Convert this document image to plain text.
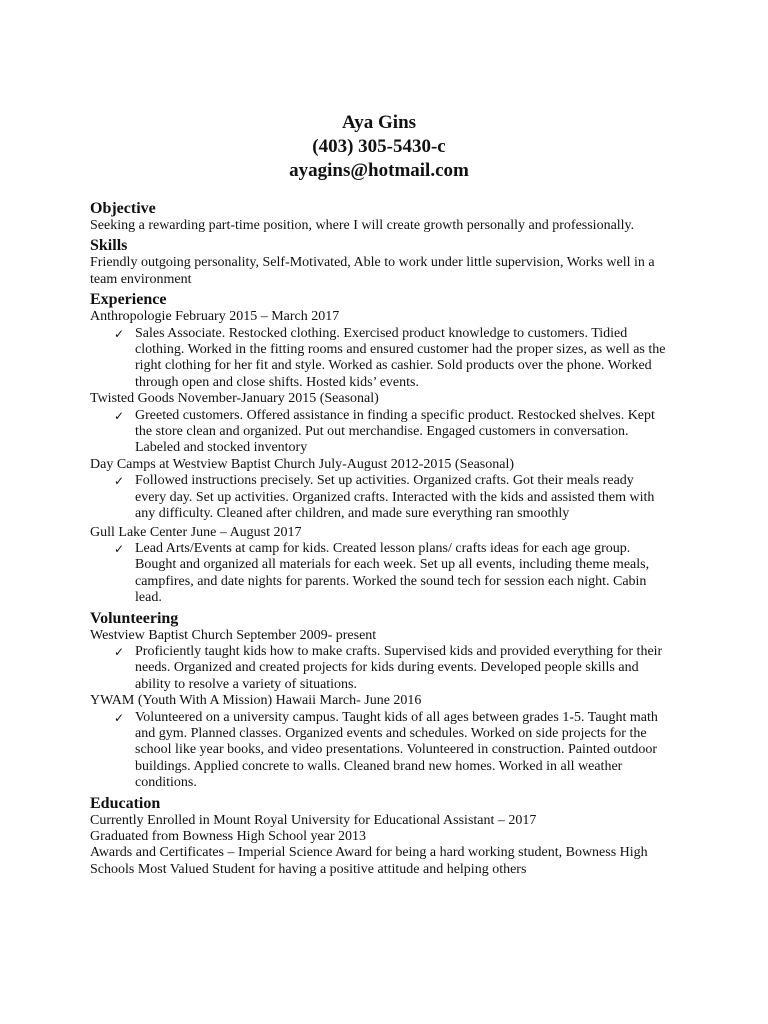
Aya Gins
(403) 305-5430-c
ayagins@hotmail.com
Objective

Seeking a rewarding part-time position, where I will create growth personally and professionally.

Skills

Friendly outgoing personality, Self-Motivated, Able to work under little supervision, Works well in a team environment

Experience
Anthropologie February 2015 – March 2017
✓ Sales Associate. Restocked clothing. Exercised product knowledge to customers. Tidied clothing. Worked in the fitting rooms and ensured customer had the proper sizes, as well as the right clothing for her fit and style. Worked as cashier. Sold products over the phone. Worked through open and close shifts. Hosted kids’ events.
Twisted Goods November-January 2015 (Seasonal)
✓ Greeted customers. Offered assistance in finding a specific product. Restocked shelves. Kept the store clean and organized. Put out merchandise. Engaged customers in conversation. Labeled and stocked inventory
Day Camps at Westview Baptist Church July-August 2012-2015 (Seasonal)
✓ Followed instructions precisely. Set up activities. Organized crafts. Got their meals ready every day. Set up activities. Organized crafts. Interacted with the kids and assisted them with any difficulty. Cleaned after children, and made sure everything ran smoothly
Gull Lake Center June – August 2017
✓ Lead Arts/Events at camp for kids. Created lesson plans/ crafts ideas for each age group. Bought and organized all materials for each week. Set up all events, including theme meals, campfires, and date nights for parents. Worked the sound tech for session each night. Cabin lead.
Volunteering
Westview Baptist Church September 2009- present
✓ Proficiently taught kids how to make crafts. Supervised kids and provided everything for their needs. Organized and created projects for kids during events. Developed people skills and ability to resolve a variety of situations.
YWAM (Youth With A Mission) Hawaii March- June 2016
✓ Volunteered on a university campus. Taught kids of all ages between grades 1-5. Taught math and gym. Planned classes. Organized events and schedules. Worked on side projects for the school like year books, and video presentations. Volunteered in construction. Painted outdoor buildings. Applied concrete to walls. Cleaned brand new homes. Worked in all weather conditions.
Education
Currently Enrolled in Mount Royal University for Educational Assistant – 2017
Graduated from Bowness High School year 2013
Awards and Certificates – Imperial Science Award for being a hard working student, Bowness High Schools Most Valued Student for having a positive attitude and helping others
